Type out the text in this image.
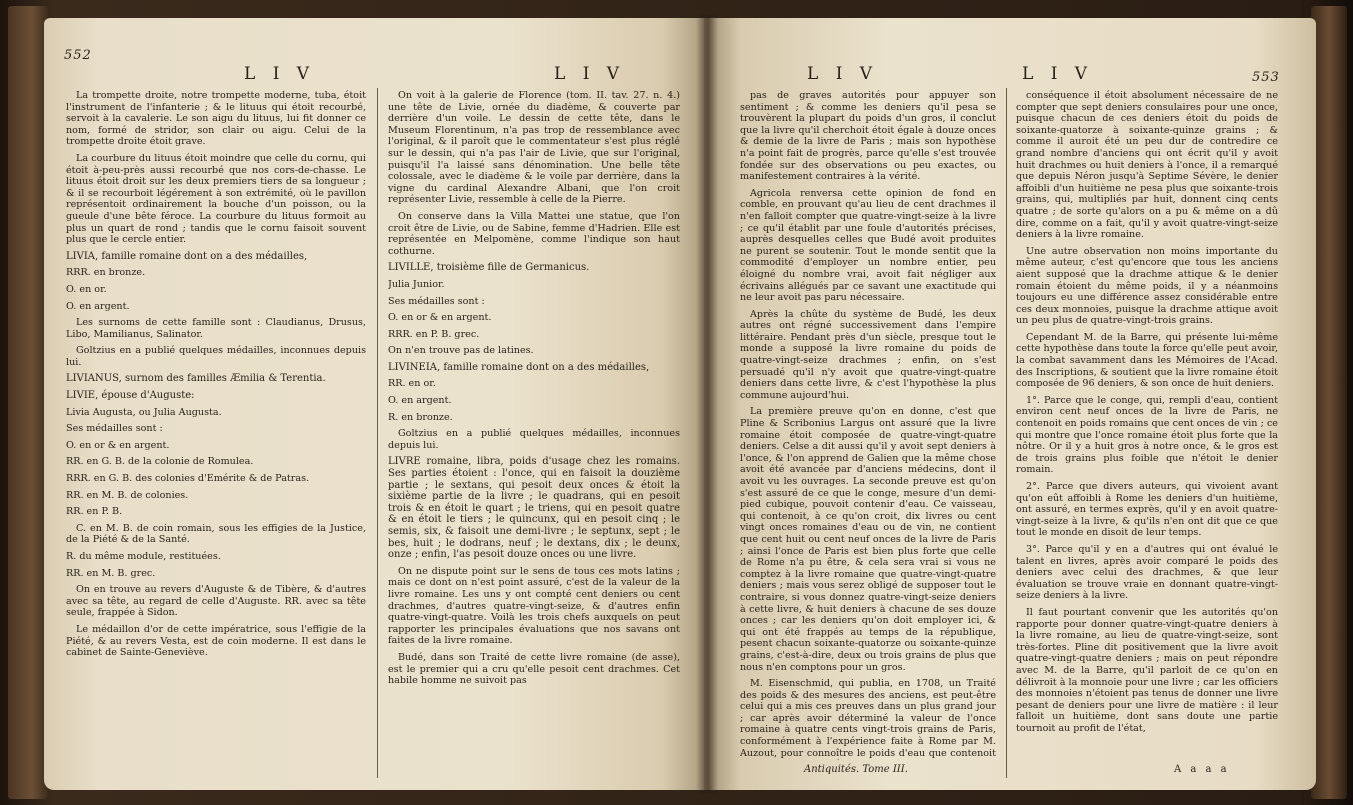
552
L I V	L I V

La trompette droite, notre trompette moderne, tuba, étoit l'instrument de l'infanterie ; & le lituus qui étoit recourbé, servoit à la cavalerie. Le son aigu du lituus, lui fit donner ce nom, formé de stridor, son clair ou aigu. Celui de la trompette droite étoit grave.

La courbure du lituus étoit moindre que celle du cornu, qui étoit à-peu-près aussi recourbé que nos cors-de-chasse. Le lituus étoit droit sur les deux premiers tiers de sa longueur ; & il se recourboit légérement à son extrémité, où le pavillon représentoit ordinairement la bouche d'un poisson, ou la gueule d'une bête féroce. La courbure du lituus formoit au plus un quart de rond ; tandis que le cornu faisoit souvent plus que le cercle entier.

LIVIA, famille romaine dont on a des médailles,

RRR. en bronze.

O. en or.

O. en argent.

Les surnoms de cette famille sont : Claudianus, Drusus, Libo, Mamilianus, Salinator.

Goltzius en a publié quelques médailles, inconnues depuis lui.

LIVIANUS, surnom des familles Æmilia & Terentia.

LIVIE, épouse d'Auguste:

Livia Augusta, ou Julia Augusta.

Ses médailles sont :

O. en or & en argent.

RR. en G. B. de la colonie de Romulea.

RRR. en G. B. des colonies d'Emérite & de Patras.

RR. en M. B. de colonies.

RR. en P. B.

C. en M. B. de coin romain, sous les effigies de la Justice, de la Piété & de la Santé.

R. du même module, restituées.

RR. en M. B. grec.

On en trouve au revers d'Auguste & de Tibère, & d'autres avec sa tête, au regard de celle d'Auguste. RR. avec sa tête seule, frappée à Sidon.

Le médaillon d'or de cette impératrice, sous l'effigie de la Piété, & au revers Vesta, est de coin moderne. Il est dans le cabinet de Sainte-Geneviève.

On voit à la galerie de Florence (tom. II. tav. 27. n. 4.) une tête de Livie, ornée du diadème, & couverte par derrière d'un voile. Le dessin de cette tête, dans le Museum Florentinum, n'a pas trop de ressemblance avec l'original, & il paroît que le commentateur s'est plus réglé sur le dessin, qui n'a pas l'air de Livie, que sur l'original, puisqu'il l'a laissé sans dénomination. Une belle tête colossale, avec le diadème & le voile par derrière, dans la vigne du cardinal Alexandre Albani, que l'on croit représenter Livie, ressemble à celle de la Pierre.

On conserve dans la Villa Mattei une statue, que l'on croit être de Livie, ou de Sabine, femme d'Hadrien. Elle est représentée en Melpomène, comme l'indique son haut cothurne.

LIVILLE, troisième fille de Germanicus.

Julia Junior.

Ses médailles sont :

O. en or & en argent.

RRR. en P. B. grec.

On n'en trouve pas de latines.

LIVINEIA, famille romaine dont on a des médailles,

RR. en or.

O. en argent.

R. en bronze.

Goltzius en a publié quelques médailles, inconnues depuis lui.

LIVRE romaine, libra, poids d'usage chez les romains. Ses parties étoient : l'once, qui en faisoit la douzième partie ; le sextans, qui pesoit deux onces & étoit la sixième partie de la livre ; le quadrans, qui en pesoit trois & en étoit le quart ; le triens, qui en pesoit quatre & en étoit le tiers ; le quincunx, qui en pesoit cinq ; le semis, six, & faisoit une demi-livre ; le septunx, sept ; le bes, huit ; le dodrans, neuf ; le dextans, dix ; le deunx, onze ; enfin, l'as pesoit douze onces ou une livre.

On ne dispute point sur le sens de tous ces mots latins ; mais ce dont on n'est point assuré, c'est de la valeur de la livre romaine. Les uns y ont compté cent deniers ou cent drachmes, d'autres quatre-vingt-seize, & d'autres enfin quatre-vingt-quatre. Voilà les trois chefs auxquels on peut rapporter les principales évaluations que nos savans ont faites de la livre romaine.

Budé, dans son Traité de cette livre romaine (de asse), est le premier qui a cru qu'elle pesoit cent drachmes. Cet habile homme ne suivoit pas

L I V	L I V	553

pas de graves autorités pour appuyer son sentiment ; & comme les deniers qu'il pesa se trouvèrent la plupart du poids d'un gros, il conclut que la livre qu'il cherchoit étoit égale à douze onces & demie de la livre de Paris ; mais son hypothèse n'a point fait de progrès, parce qu'elle s'est trouvée fondée sur des observations ou peu exactes, ou manifestement contraires à la vérité.

Agricola renversa cette opinion de fond en comble, en prouvant qu'au lieu de cent drachmes il n'en falloit compter que quatre-vingt-seize à la livre ; ce qu'il établit par une foule d'autorités précises, auprès desquelles celles que Budé avoit produites ne purent se soutenir. Tout le monde sentit que la commodité d'employer un nombre entier, peu éloigné du nombre vrai, avoit fait négliger aux écrivains allégués par ce savant une exactitude qui ne leur avoit pas paru nécessaire.

Après la chûte du système de Budé, les deux autres ont régné successivement dans l'empire littéraire. Pendant près d'un siècle, presque tout le monde a supposé la livre romaine du poids de quatre-vingt-seize drachmes ; enfin, on s'est persuadé qu'il n'y avoit que quatre-vingt-quatre deniers dans cette livre, & c'est l'hypothèse la plus commune aujourd'hui.

La première preuve qu'on en donne, c'est que Pline & Scribonius Largus ont assuré que la livre romaine étoit composée de quatre-vingt-quatre deniers. Celse a dit aussi qu'il y avoit sept deniers à l'once, & l'on apprend de Galien que la même chose avoit été avancée par d'anciens médecins, dont il avoit vu les ouvrages. La seconde preuve est qu'on s'est assuré de ce que le conge, mesure d'un demi-pied cubique, pouvoit contenir d'eau. Ce vaisseau, qui contenoit, à ce qu'on croit, dix livres ou cent vingt onces romaines d'eau ou de vin, ne contient que cent huit ou cent neuf onces de la livre de Paris ; ainsi l'once de Paris est bien plus forte que celle de Rome n'a pu être, & cela sera vrai si vous ne comptez à la livre romaine que quatre-vingt-quatre deniers ; mais vous serez obligé de supposer tout le contraire, si vous donnez quatre-vingt-seize deniers à cette livre, & huit deniers à chacune de ses douze onces ; car les deniers qu'on doit employer ici, & qui ont été frappés au temps de la république, pesent chacun soixante-quatorze ou soixante-quinze grains, c'est-à-dire, deux ou trois grains de plus que nous n'en comptons pour un gros.

M. Eisenschmid, qui publia, en 1708, un Traité des poids & des mesures des anciens, est peut-être celui qui a mis ces preuves dans un plus grand jour ; car après avoir déterminé la valeur de l'once romaine à quatre cents vingt-trois grains de Paris, conformément à l'expérience faite à Rome par M. Auzout, pour connoître le poids d'eau que contenoit

conséquence il étoit absolument nécessaire de ne compter que sept deniers consulaires pour une once, puisque chacun de ces deniers étoit du poids de soixante-quatorze à soixante-quinze grains ; & comme il auroit été un peu dur de contredire ce grand nombre d'anciens qui ont écrit qu'il y avoit huit drachmes ou huit deniers à l'once, il a remarqué que depuis Néron jusqu'à Septime Sévère, le denier affoibli d'un huitième ne pesa plus que soixante-trois grains, qui, multipliés par huit, donnent cinq cents quatre ; de sorte qu'alors on a pu & même on a dû dire, comme on a fait, qu'il y avoit quatre-vingt-seize deniers à la livre romaine.

Une autre observation non moins importante du même auteur, c'est qu'encore que tous les anciens aient supposé que la drachme attique & le denier romain étoient du même poids, il y a néanmoins toujours eu une différence assez considérable entre ces deux monnoies, puisque la drachme attique avoit un peu plus de quatre-vingt-trois grains.

Cependant M. de la Barre, qui présente lui-même cette hypothèse dans toute la force qu'elle peut avoir, la combat savamment dans les Mémoires de l'Acad. des Inscriptions, & soutient que la livre romaine étoit composée de 96 deniers, & son once de huit deniers.

1°. Parce que le conge, qui, rempli d'eau, contient environ cent neuf onces de la livre de Paris, ne contenoit en poids romains que cent onces de vin ; ce qui montre que l'once romaine étoit plus forte que la nôtre. Or il y a huit gros à notre once, & le gros est de trois grains plus foible que n'étoit le denier romain.

2°. Parce que divers auteurs, qui vivoient avant qu'on eût affoibli à Rome les deniers d'un huitième, ont assuré, en termes exprès, qu'il y en avoit quatre-vingt-seize à la livre, & qu'ils n'en ont dit que ce que tout le monde en disoit de leur temps.

3°. Parce qu'il y en a d'autres qui ont évalué le talent en livres, après avoir comparé le poids des deniers avec celui des drachmes, & que leur évaluation se trouve vraie en donnant quatre-vingt-seize deniers à la livre.

Il faut pourtant convenir que les autorités qu'on rapporte pour donner quatre-vingt-quatre deniers à la livre romaine, au lieu de quatre-vingt-seize, sont très-fortes. Pline dit positivement que la livre avoit quatre-vingt-quatre deniers ; mais on peut répondre avec M. de la Barre, qu'il parloit de ce qu'on en délivroit à la monnoie pour une livre ; car les officiers des monnoies n'étoient pas tenus de donner une livre pesant de deniers pour une livre de matière : il leur falloit un huitième, dont sans doute une partie tournoit au profit de l'état,

Antiquités. Tome III.	A a a a
